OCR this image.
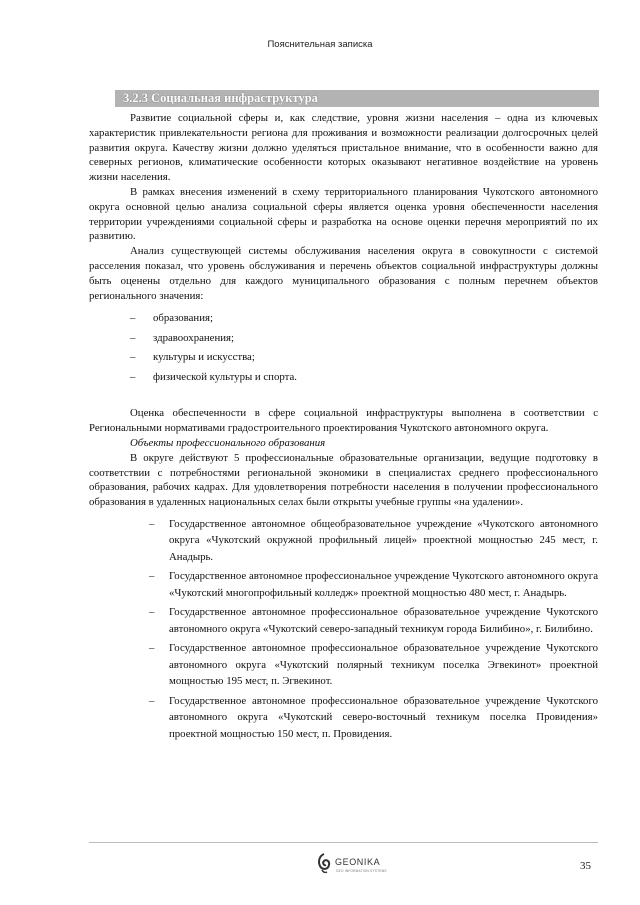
Пояснительная записка
3.2.3 Социальная инфраструктура

Развитие социальной сферы и, как следствие, уровня жизни населения – одна из ключевых характеристик привлекательности региона для проживания и возможности реализации долгосрочных целей развития округа. Качеству жизни должно уделяться пристальное внимание, что в особенности важно для северных регионов, климатические особенности которых оказывают негативное воздействие на уровень жизни населения.

В рамках внесения изменений в схему территориального планирования Чукотского автономного округа основной целью анализа социальной сферы является оценка уровня обеспеченности населения территории учреждениями социальной сферы и разработка на основе оценки перечня мероприятий по их развитию.

Анализ существующей системы обслуживания населения округа в совокупности с системой расселения показал, что уровень обслуживания и перечень объектов социальной инфраструктуры должны быть оценены отдельно для каждого муниципального образования с полным перечнем объектов регионального значения:

– образования;
– здравоохранения;
– культуры и искусства;
– физической культуры и спорта.

Оценка обеспеченности в сфере социальной инфраструктуры выполнена в соответствии с Региональными нормативами градостроительного проектирования Чукотского автономного округа.

Объекты профессионального образования

В округе действуют 5 профессиональные образовательные организации, ведущие подготовку в соответствии с потребностями региональной экономики в специалистах среднего профессионального образования, рабочих кадрах. Для удовлетворения потребности населения в получении профессионального образования в удаленных национальных селах были открыты учебные группы «на удалении».

– Государственное автономное общеобразовательное учреждение «Чукотского автономного округа «Чукотский окружной профильный лицей» проектной мощностью 245 мест, г. Анадырь.
– Государственное автономное профессиональное учреждение Чукотского автономного округа «Чукотский многопрофильный колледж» проектной мощностью 480 мест, г. Анадырь.
– Государственное автономное профессиональное образовательное учреждение Чукотского автономного округа «Чукотский северо-западный техникум города Билибино», г. Билибино.
– Государственное автономное профессиональное образовательное учреждение Чукотского автономного округа «Чукотский полярный техникум поселка Эгвекинот» проектной мощностью 195 мест, п. Эгвекинот.
– Государственное автономное профессиональное образовательное учреждение Чукотского автономного округа «Чукотский северо-восточный техникум поселка Провидения» проектной мощностью 150 мест, п. Провидения.
GEONIKA
GEO INFORMATION SYSTEMS	35
